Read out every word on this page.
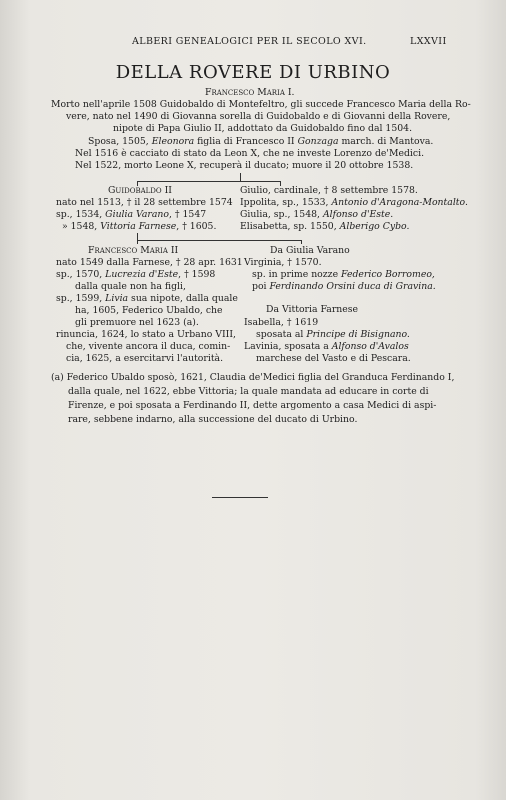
ALBERI GENEALOGICI PER IL SECOLO XVI.	LXXVII
DELLA ROVERE DI URBINO
Francesco Maria I.
Morto nell'aprile 1508 Guidobaldo di Montefeltro, gli succede Francesco Maria della Ro-
vere, nato nel 1490 di Giovanna sorella di Guidobaldo e di Giovanni della Rovere,
nipote di Papa Giulio II, addottato da Guidobaldo fino dal 1504.
Sposa, 1505, Eleonora figlia di Francesco II Gonzaga march. di Mantova.
Nel 1516 è cacciato di stato da Leon X, che ne investe Lorenzo de'Medici.
Nel 1522, morto Leone X, recuperà il ducato; muore il 20 ottobre 1538.
Guidobaldo II
nato nel 1513, † il 28 settembre 1574
sp., 1534, Giulia Varano, † 1547
» 1548, Vittoria Farnese, † 1605.
Giulio, cardinale, † 8 settembre 1578.
Ippolita, sp., 1533, Antonio d'Aragona-Montalto.
Giulia, sp., 1548, Alfonso d'Este.
Elisabetta, sp. 1550, Alberigo Cybo.
Francesco Maria II
nato 1549 dalla Farnese, † 28 apr. 1631
sp., 1570, Lucrezia d'Este, † 1598
dalla quale non ha figli,
sp., 1599, Livia sua nipote, dalla quale
ha, 1605, Federico Ubaldo, che
gli premuore nel 1623 (a).
rinuncia, 1624, lo stato a Urbano VIII,
che, vivente ancora il duca, comin-
cia, 1625, a esercitarvi l'autorità.
Da Giulia Varano
Virginia, † 1570.
sp. in prime nozze Federico Borromeo,
poi Ferdinando Orsini duca di Gravina.
Da Vittoria Farnese
Isabella, † 1619
sposata al Principe di Bisignano.
Lavinia, sposata a Alfonso d'Avalos
marchese del Vasto e di Pescara.
(a) Federico Ubaldo sposò, 1621, Claudia de'Medici figlia del Granduca Ferdinando I,
dalla quale, nel 1622, ebbe Vittoria; la quale mandata ad educare in corte di
Firenze, e poi sposata a Ferdinando II, dette argomento a casa Medici di aspi-
rare, sebbene indarno, alla successione del ducato di Urbino.
